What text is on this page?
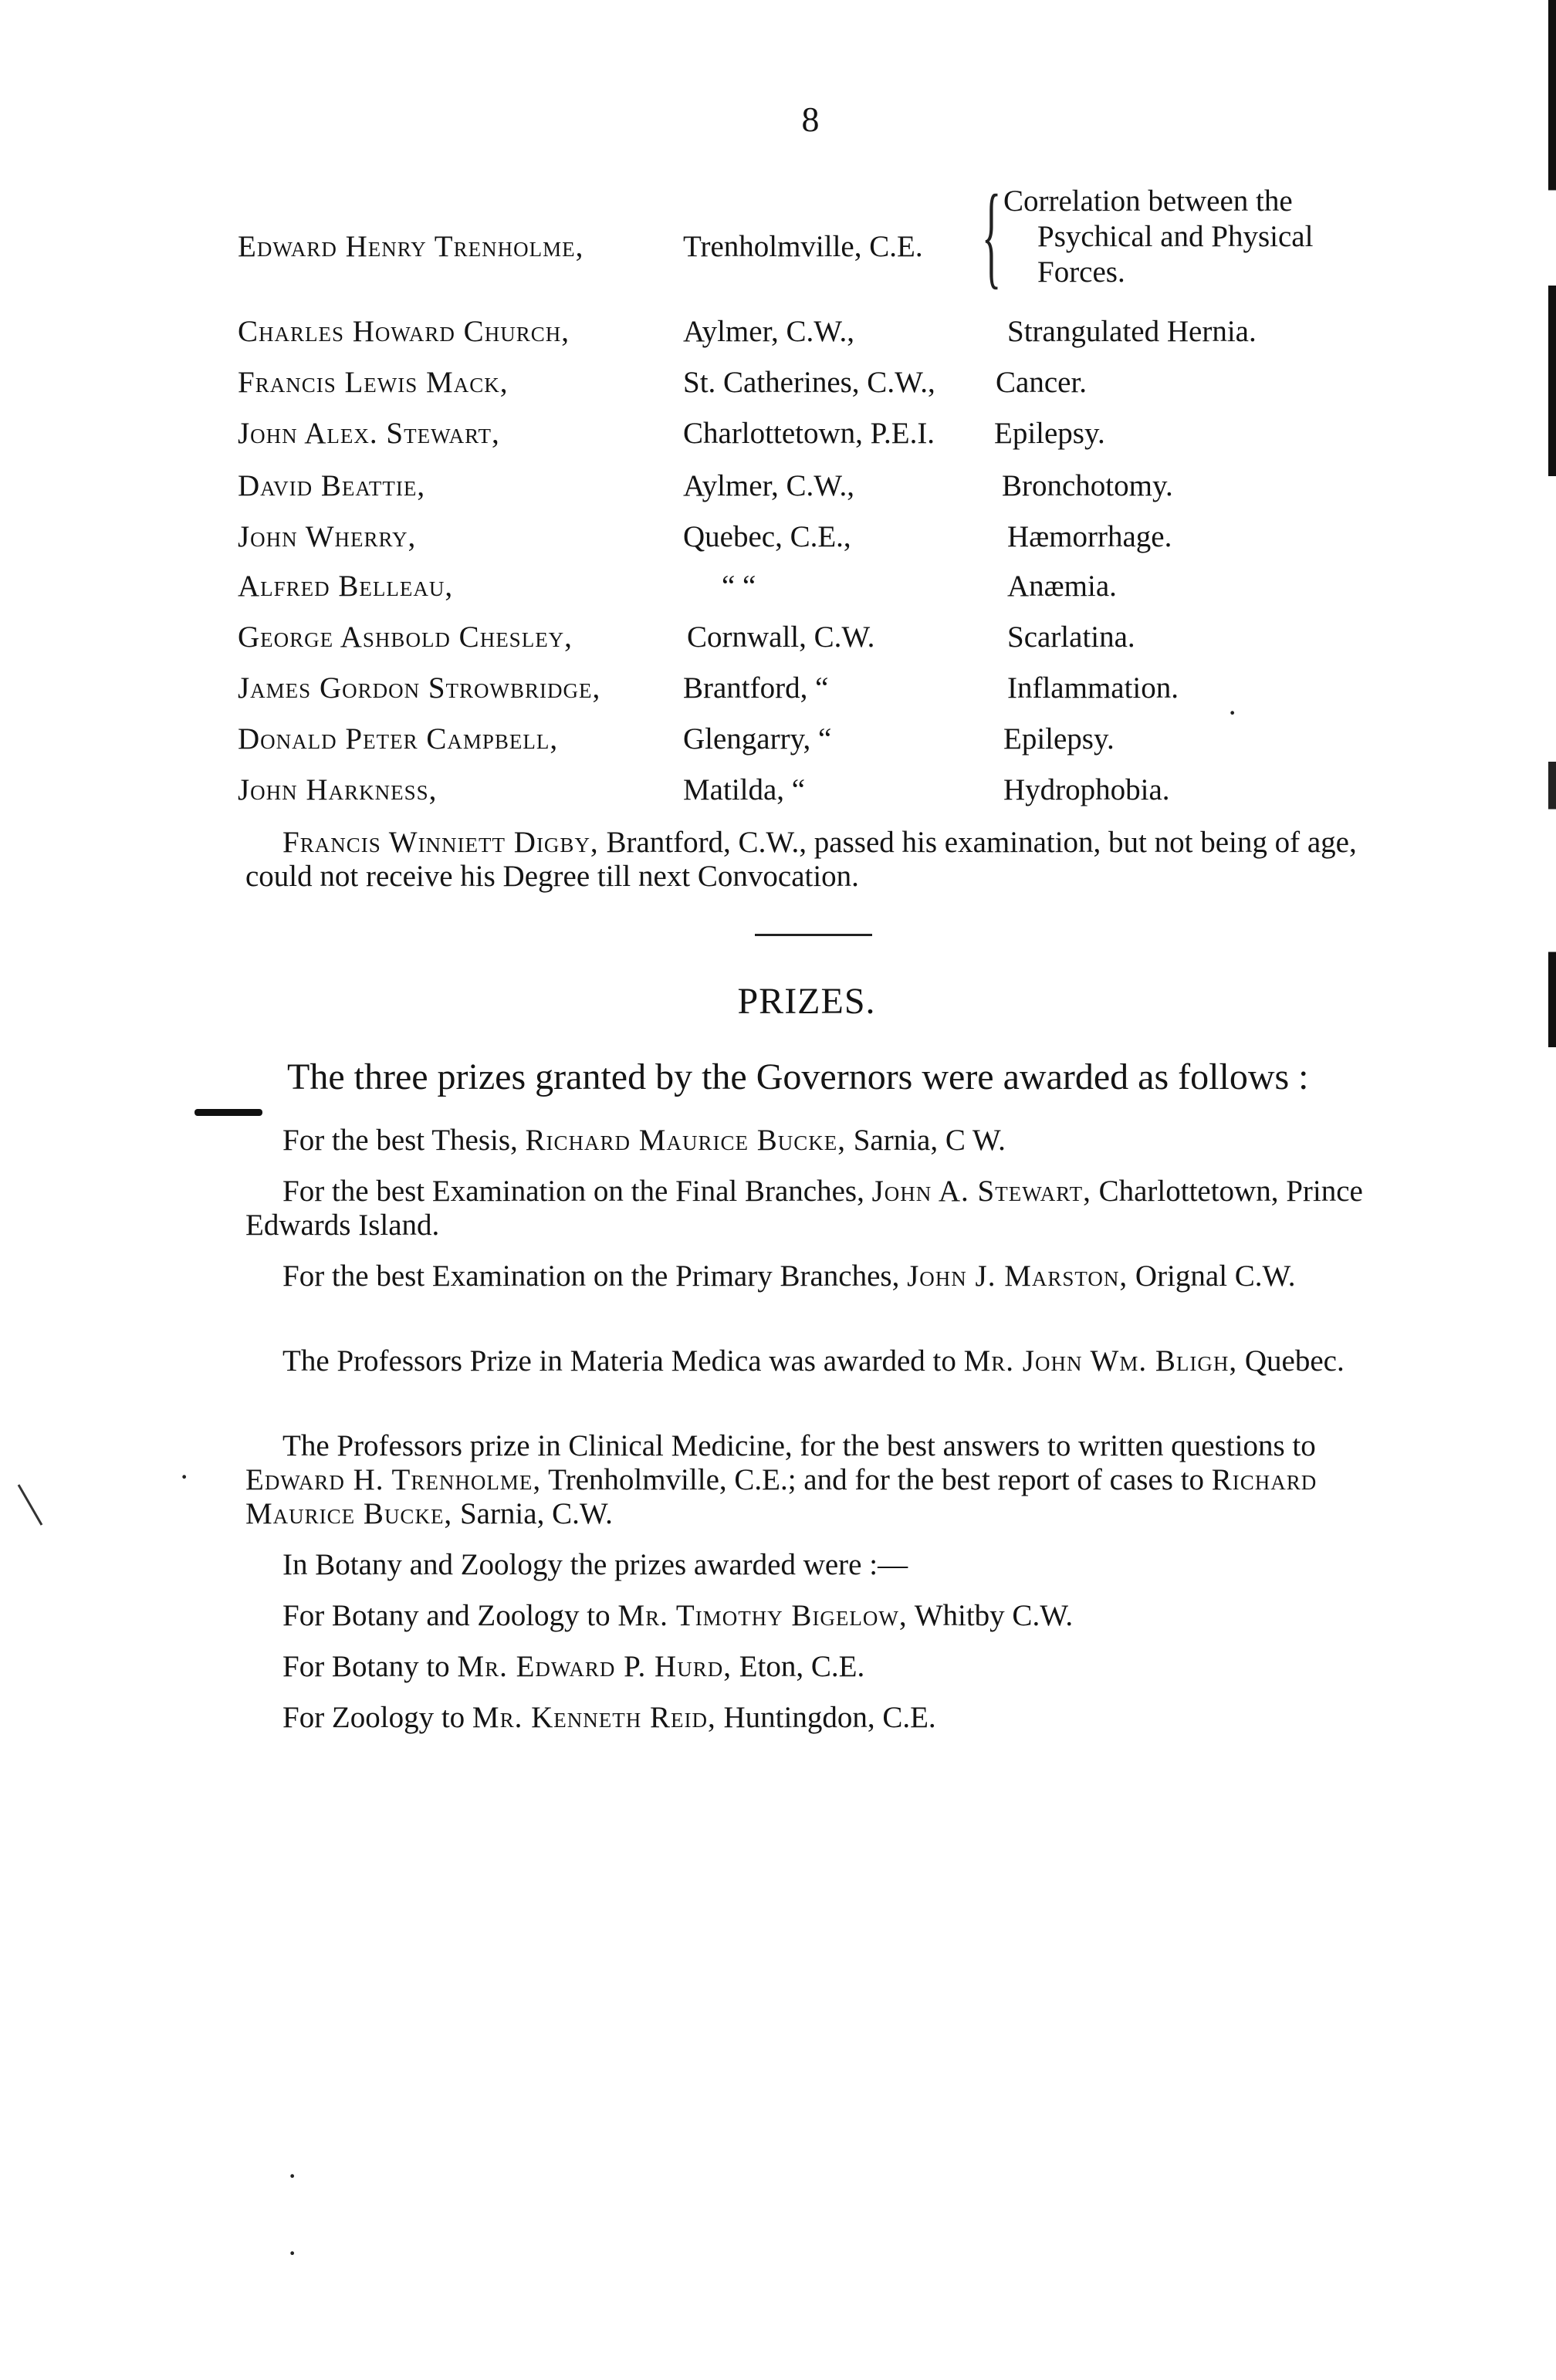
8
Edward Henry Trenholme,	Trenholmville, C.E. { Correlation between the
Psychical and Physical
Forces.
Charles Howard Church,	Aylmer, C.W.,	Strangulated Hernia.
Francis Lewis Mack,	St. Catherines, C.W., Cancer.
John Alex. Stewart,	Charlottetown, P.E.I. Epilepsy.
David Beattie,	Aylmer, C.W.,	Bronchotomy.
John Wherry,	Quebec, C.E.,	Hæmorrhage.
Alfred Belleau,	“ “	Anæmia.
George Ashbold Chesley,	Cornwall, C.W.	Scarlatina.
James Gordon Strowbridge,	Brantford, “	Inflammation.
Donald Peter Campbell,	Glengarry, “	Epilepsy.
John Harkness,	Matilda, “	Hydrophobia.
Francis Winniett Digby, Brantford, C.W., passed his examination, but not being of age, could not receive his Degree till next Convocation.
PRIZES.
The three prizes granted by the Governors were awarded as follows :
For the best Thesis, Richard Maurice Bucke, Sarnia, C W.
For the best Examination on the Final Branches, John A. Stewart, Charlottetown, Prince Edwards Island.
For the best Examination on the Primary Branches, John J. Marston, Orignal C.W.
The Professors Prize in Materia Medica was awarded to Mr. John Wm. Bligh, Quebec.
The Professors prize in Clinical Medicine, for the best answers to written questions to Edward H. Trenholme, Trenholmville, C.E.; and for the best report of cases to Richard Maurice Bucke, Sarnia, C.W.
In Botany and Zoology the prizes awarded were :—
For Botany and Zoology to Mr. Timothy Bigelow, Whitby C.W.
For Botany to Mr. Edward P. Hurd, Eton, C.E.
For Zoology to Mr. Kenneth Reid, Huntingdon, C.E.
·
·
·
·
